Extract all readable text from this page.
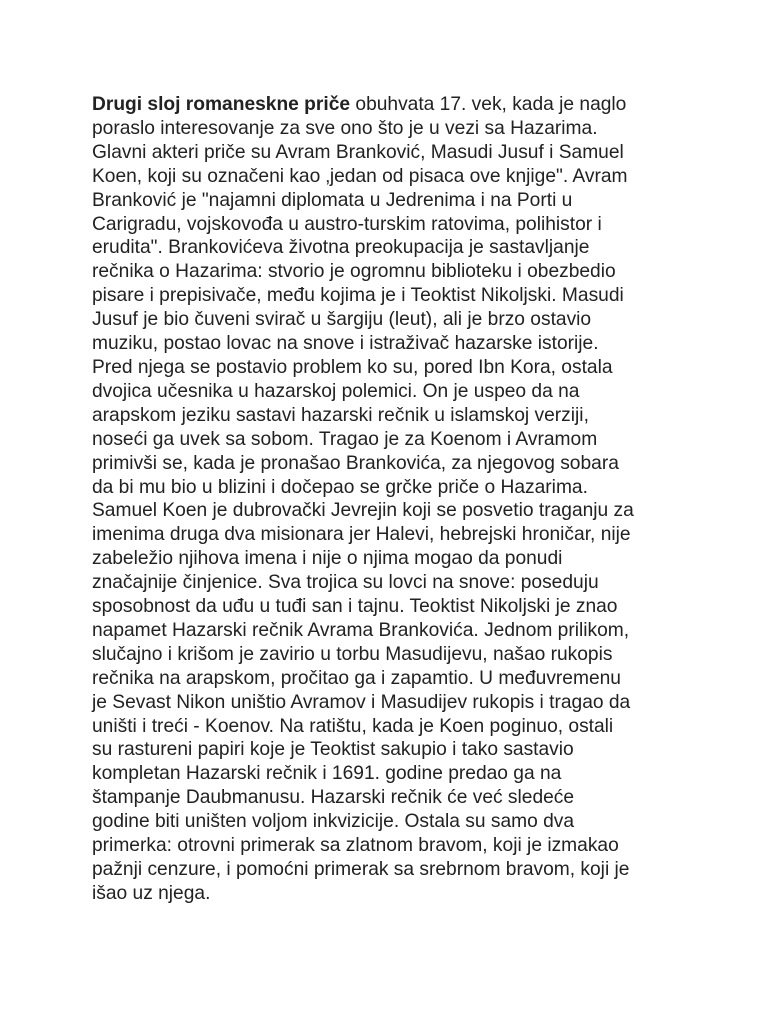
Drugi sloj romaneskne priče obuhvata 17. vek, kada je naglo
poraslo interesovanje za sve ono što je u vezi sa Hazarima.
Glavni akteri priče su Avram Branković, Masudi Jusuf i Samuel
Koen, koji su označeni kao ‚jedan od pisaca ove knjige". Avram
Branković je "najamni diplomata u Jedrenima i na Porti u
Carigradu, vojskovođa u austro-turskim ratovima, polihistor i
erudita". Brankovićeva životna preokupacija je sastavljanje
rečnika o Hazarima: stvorio je ogromnu biblioteku i obezbedio
pisare i prepisivače, među kojima je i Teoktist Nikoljski. Masudi
Jusuf je bio čuveni svirač u šargiju (leut), ali je brzo ostavio
muziku, postao lovac na snove i istraživač hazarske istorije.
Pred njega se postavio problem ko su, pored Ibn Kora, ostala
dvojica učesnika u hazarskoj polemici. On je uspeo da na
arapskom jeziku sastavi hazarski rečnik u islamskoj verziji,
noseći ga uvek sa sobom. Tragao je za Koenom i Avramom
primivši se, kada je pronašao Brankovića, za njegovog sobara
da bi mu bio u blizini i dočepao se grčke priče o Hazarima.
Samuel Koen je dubrovački Jevrejin koji se posvetio traganju za
imenima druga dva misionara jer Halevi, hebrejski hroničar, nije
zabeležio njihova imena i nije o njima mogao da ponudi
značajnije činjenice. Sva trojica su lovci na snove: poseduju
sposobnost da uđu u tuđi san i tajnu. Teoktist Nikoljski je znao
napamet Hazarski rečnik Avrama Brankovića. Jednom prilikom,
slučajno i krišom je zavirio u torbu Masudijevu, našao rukopis
rečnika na arapskom, pročitao ga i zapamtio. U međuvremenu
je Sevast Nikon uništio Avramov i Masudijev rukopis i tragao da
uništi i treći - Koenov. Na ratištu, kada je Koen poginuo, ostali
su rastureni papiri koje je Teoktist sakupio i tako sastavio
kompletan Hazarski rečnik i 1691. godine predao ga na
štampanje Daubmanusu. Hazarski rečnik će već sledeće
godine biti uništen voljom inkvizicije. Ostala su samo dva
primerka: otrovni primerak sa zlatnom bravom, koji je izmakao
pažnji cenzure, i pomoćni primerak sa srebrnom bravom, koji je
išao uz njega.
